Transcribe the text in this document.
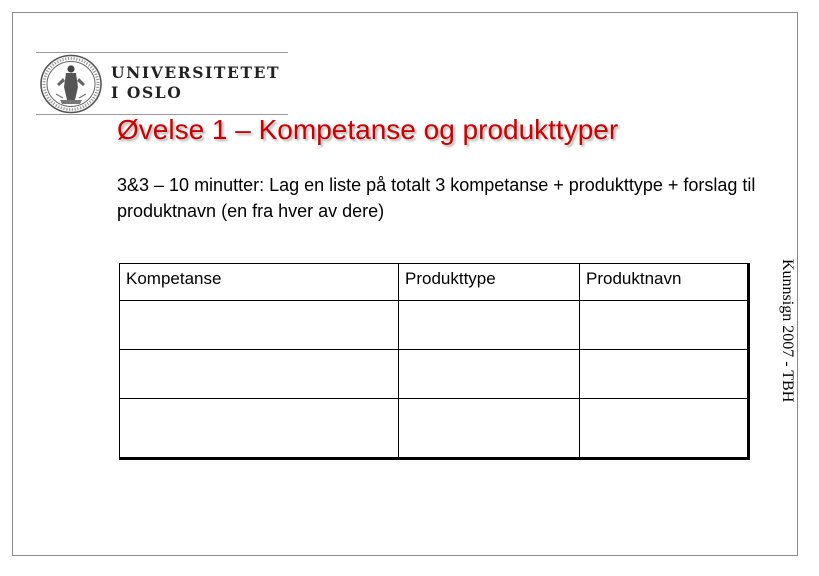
UNIVERSITETET
I OSLO
Øvelse 1 – Kompetanse og produkttyper
3&3 – 10 minutter: Lag en liste på totalt 3 kompetanse + produkttype + forslag til produktnavn (en fra hver av dere)
Kunnsign 2007 - TBH
Kompetanse	Produkttype	Produktnavn
